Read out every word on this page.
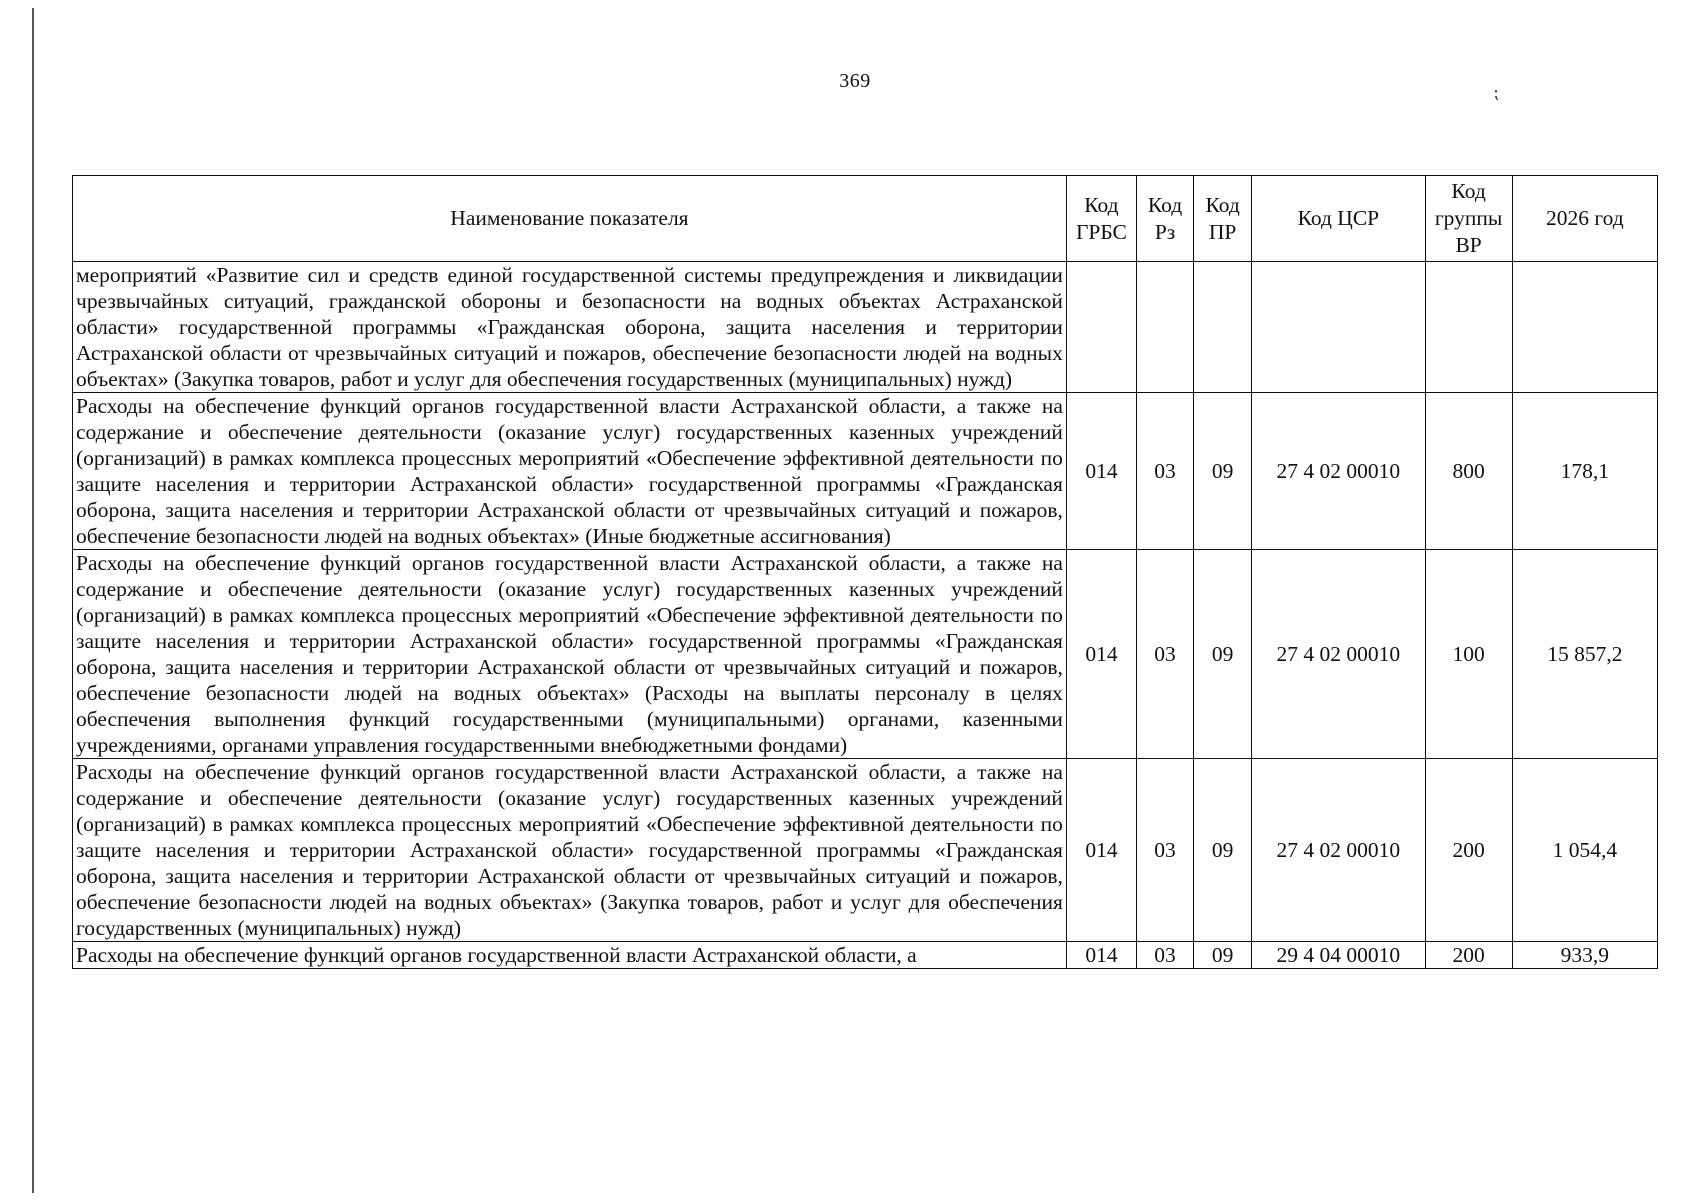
369	⁏
Наименование показателя	Код ГРБС	Код Рз	Код ПР	Код ЦСР	Код группы ВР	2026 год
мероприятий «Развитие сил и средств единой государственной системы предупреждения и ликвидации чрезвычайных ситуаций, гражданской обороны и безопасности на водных объектах Астраханской области» государственной программы «Гражданская оборона, защита населения и территории Астраханской области от чрезвычайных ситуаций и пожаров, обеспечение безопасности людей на водных объектах» (Закупка товаров, работ и услуг для обеспечения государственных (муниципальных) нужд)						
Расходы на обеспечение функций органов государственной власти Астраханской области, а также на содержание и обеспечение деятельности (оказание услуг) государственных казенных учреждений (организаций) в рамках комплекса процессных мероприятий «Обеспечение эффективной деятельности по защите населения и территории Астраханской области» государственной программы «Гражданская оборона, защита населения и территории Астраханской области от чрезвычайных ситуаций и пожаров, обеспечение безопасности людей на водных объектах» (Иные бюджетные ассигнования)	014	03	09	27 4 02 00010	800	178,1
Расходы на обеспечение функций органов государственной власти Астраханской области, а также на содержание и обеспечение деятельности (оказание услуг) государственных казенных учреждений (организаций) в рамках комплекса процессных мероприятий «Обеспечение эффективной деятельности по защите населения и территории Астраханской области» государственной программы «Гражданская оборона, защита населения и территории Астраханской области от чрезвычайных ситуаций и пожаров, обеспечение безопасности людей на водных объектах» (Расходы на выплаты персоналу в целях обеспечения выполнения функций государственными (муниципальными) органами, казенными учреждениями, органами управления государственными внебюджетными фондами)	014	03	09	27 4 02 00010	100	15 857,2
Расходы на обеспечение функций органов государственной власти Астраханской области, а также на содержание и обеспечение деятельности (оказание услуг) государственных казенных учреждений (организаций) в рамках комплекса процессных мероприятий «Обеспечение эффективной деятельности по защите населения и территории Астраханской области» государственной программы «Гражданская оборона, защита населения и территории Астраханской области от чрезвычайных ситуаций и пожаров, обеспечение безопасности людей на водных объектах» (Закупка товаров, работ и услуг для обеспечения государственных (муниципальных) нужд)	014	03	09	27 4 02 00010	200	1 054,4
Расходы на обеспечение функций органов государственной власти Астраханской области, а	014	03	09	29 4 04 00010	200	933,9
